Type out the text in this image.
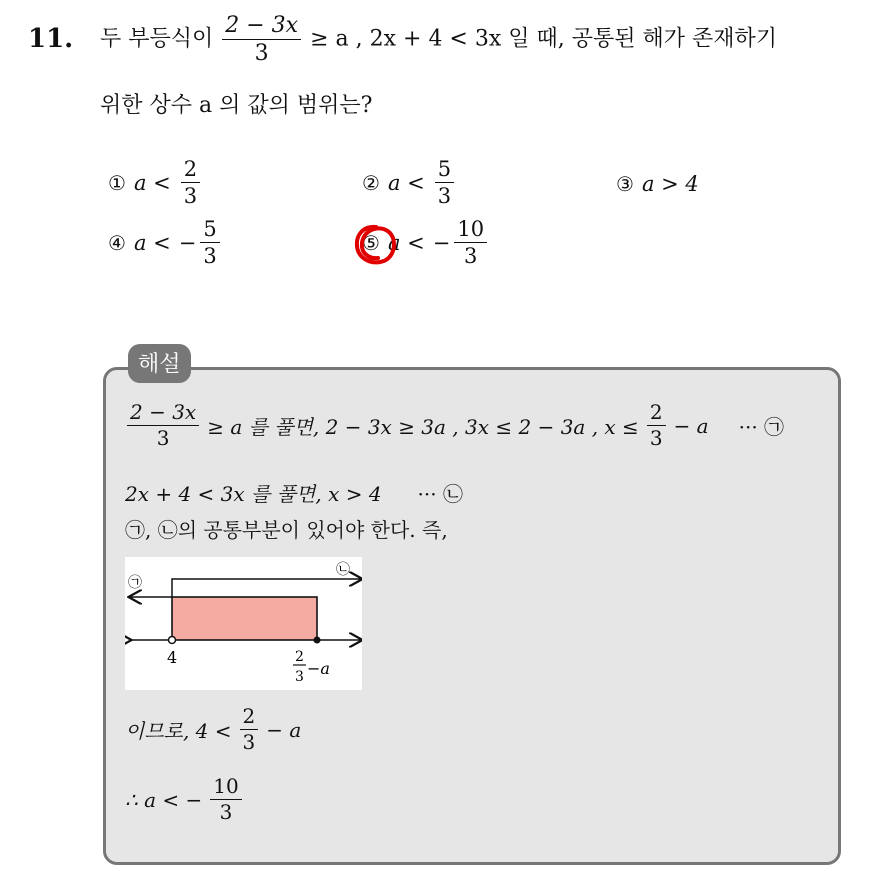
11. 두 부등식이 $\frac{2 - 3x}{3} \ge a$ , 2x + 4 < 3x 일 때, 공통된 해가 존재하기
위한 상수 a 의 값의 범위는?
① $a < \frac{2}{3}$	② $a < \frac{5}{3}$	③ a > 4
④ a < − $\frac{5}{3}$	⑤ a < − $\frac{10}{3}$
해설
$\frac{2 - 3x}{3} \ge a$ 를 풀면, 2 − 3x ≥ 3a , 3x ≤ 2 − 3a , $x \le \frac{2}{3} - a$ ··· ㉠
2x + 4 < 3x 를 풀면, x > 4 ··· ㉡
㉠, ㉡의 공통부분이 있어야 한다. 즉,
㉠
㉡
4	2
3 −a
이므로, $4 < \frac{2}{3} - a$
∴ a < − $\frac{10}{3}$
